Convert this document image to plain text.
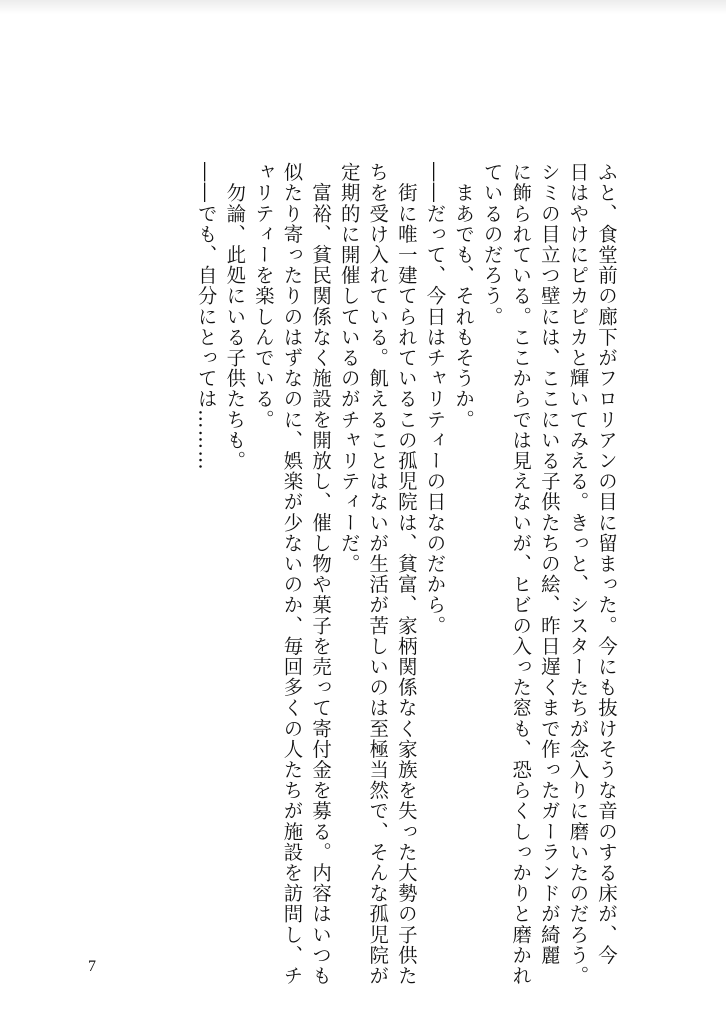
ふと、食堂前の廊下がフロリアンの目に留まった。今にも抜けそうな音のする床が、今
日はやけにピカピカと輝いてみえる。きっと、シスターたちが念入りに磨いたのだろう。
シミの目立つ壁には、ここにいる子供たちの絵、昨日遅くまで作ったガーランドが綺麗
に飾られている。ここからでは見えないが、ヒビの入った窓も、恐らくしっかりと磨かれ
ているのだろう。
　まあでも、それもそうか。
――だって、今日はチャリティーの日なのだから。
　街に唯一建てられているこの孤児院は、貧富、家柄関係なく家族を失った大勢の子供た
ちを受け入れている。飢えることはないが生活が苦しいのは至極当然で、そんな孤児院が
定期的に開催しているのがチャリティーだ。
　富裕、貧民関係なく施設を開放し、催し物や菓子を売って寄付金を募る。内容はいつも
似たり寄ったりのはずなのに、娯楽が少ないのか、毎回多くの人たちが施設を訪問し、チ
ャリティーを楽しんでいる。
　勿論、此処にいる子供たちも。
――でも、自分にとっては………
7
